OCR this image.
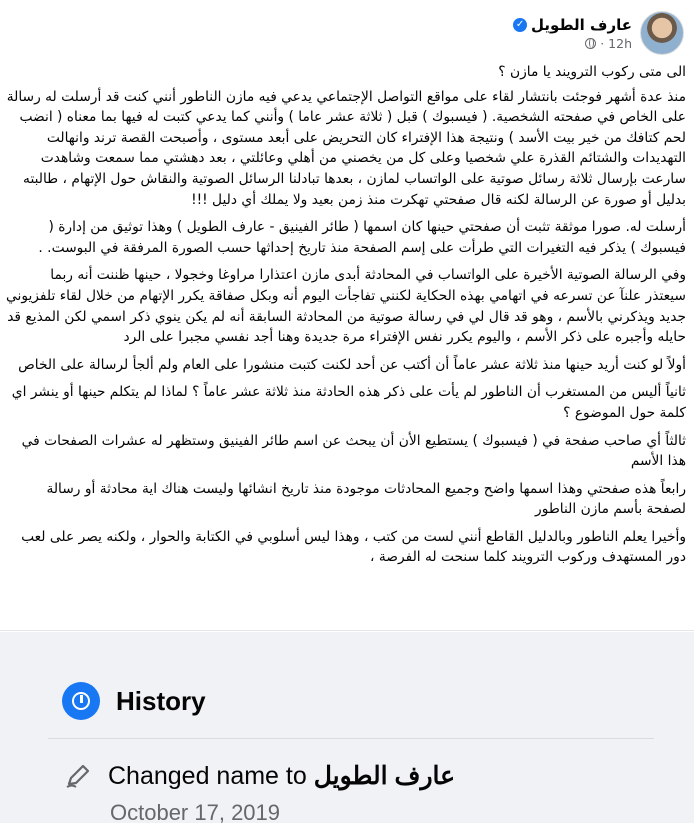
عارف الطويل
✓
12h
·

الى متى ركوب الترويند يا مازن ؟

منذ عدة أشهر فوجئت بانتشار لقاء على مواقع التواصل الإجتماعي يدعي فيه مازن الناطور أنني كنت قد أرسلت له رسالة على الخاص في صفحته الشخصية. ( فيسبوك ) قبل ( ثلاثة عشر عاما ) وأنني كما يدعي كتبت له فيها بما معناه ( انضب لحم كتافك من خير بيت الأسد ) ونتيجة هذا الإفتراء كان التحريض على أبعد مستوى ، وأصبحت القصة ترند وانهالت التهديدات والشتائم القذرة علي شخصيا وعلى كل من يخصني من أهلي وعائلتي ، بعد دهشتي مما سمعت وشاهدت سارعت بإرسال ثلاثة رسائل صوتية على الواتساب لمازن ، بعدها تبادلنا الرسائل الصوتية والنقاش حول الإتهام ، طالبته بدليل أو صورة عن الرسالة لكنه قال صفحتي تهكرت منذ زمن بعيد ولا يملك أي دليل !!!

أرسلت له. صورا موثقة تثبت أن صفحتي حينها كان اسمها ( طائر الفينيق - عارف الطويل ) وهذا توثيق من إدارة ( فيسبوك ) يذكر فيه التغيرات التي طرأت على إسم الصفحة منذ تاريخ إحداثها حسب الصورة المرفقة في البوست. .

وفي الرسالة الصوتية الأخيرة على الواتساب في المحادثة أبدى مازن اعتذارا مراوغا وخجولا ، حينها ظننت أنه ربما سيعتذر علنآ عن تسرعه في اتهامي بهذه الحكاية لكنني تفاجأت اليوم أنه وبكل صفاقة يكرر الإتهام من خلال لقاء تلفزيوني جديد ويذكرني بالأسم ، وهو قد قال لي في رسالة صوتية من المحادثة السابقة أنه لم يكن ينوي ذكر اسمي لكن المذيع قد حايله وأجبره على ذكر الأسم ، واليوم يكرر نفس الإفتراء مرة جديدة وهنا أجد نفسي مجبرا على الرد

أولاً لو كنت أريد حينها منذ ثلاثة عشر عاماً أن أكتب عن أحد لكنت كتبت منشورا على العام ولم ألجأ لرسالة على الخاص

ثانياً أليس من المستغرب أن الناطور لم يأت على ذكر هذه الحادثة منذ ثلاثة عشر عاماً ؟ لماذا لم يتكلم حينها أو ينشر اي كلمة حول الموضوع ؟

ثالثاً أي صاحب صفحة في ( فيسبوك ) يستطيع الأن أن يبحث عن اسم طائر الفينيق وستظهر له عشرات الصفحات في هذا الأسم

رابعاً هذه صفحتي وهذا اسمها واضح وجميع المحادثات موجودة منذ تاريخ انشائها وليست هناك اية محادثة أو رسالة لصفحة بأسم مازن الناطور

وأخيرا يعلم الناطور وبالدليل القاطع أنني لست من كتب ، وهذا ليس أسلوبي في الكتابة والحوار ، ولكنه يصر على لعب دور المستهدف وركوب الترويند كلما سنحت له الفرصة ،

History
Changed name to عارف الطويل
October 17, 2019
